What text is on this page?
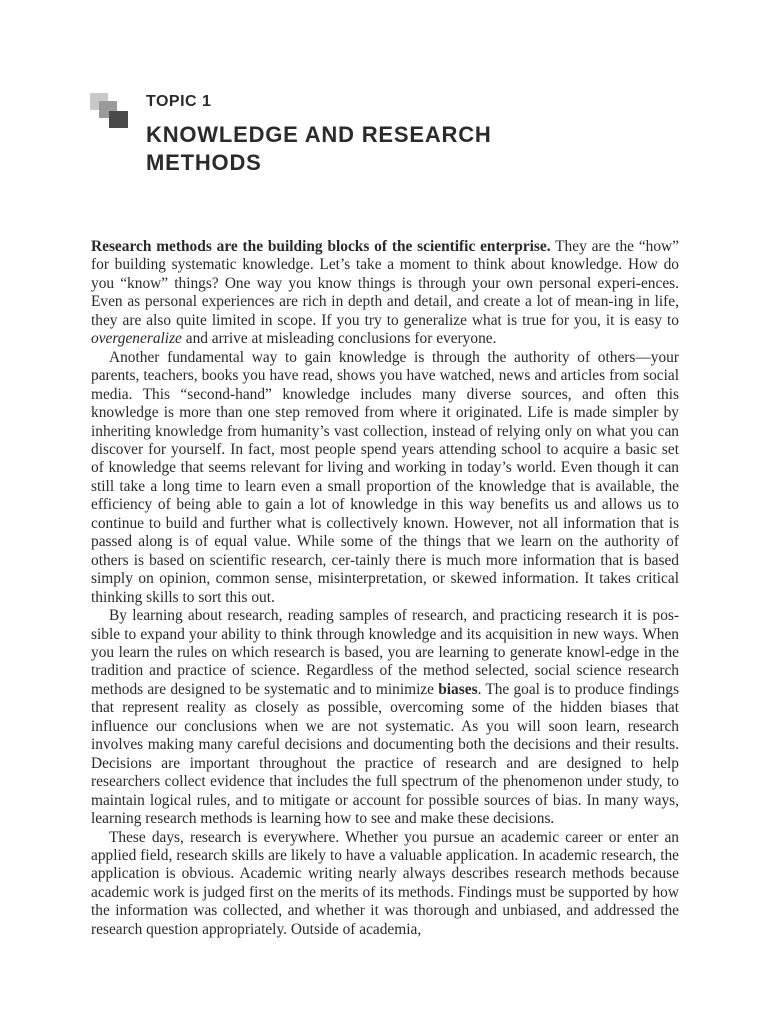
TOPIC 1
KNOWLEDGE AND RESEARCH
METHODS

Research methods are the building blocks of the scientific enterprise. They are the “how” for building systematic knowledge. Let’s take a moment to think about knowledge. How do you “know” things? One way you know things is through your own personal experi-ences. Even as personal experiences are rich in depth and detail, and create a lot of mean-ing in life, they are also quite limited in scope. If you try to generalize what is true for you, it is easy to overgeneralize and arrive at misleading conclusions for everyone.

Another fundamental way to gain knowledge is through the authority of others—your parents, teachers, books you have read, shows you have watched, news and articles from social media. This “second-hand” knowledge includes many diverse sources, and often this knowledge is more than one step removed from where it originated. Life is made simpler by inheriting knowledge from humanity’s vast collection, instead of relying only on what you can discover for yourself. In fact, most people spend years attending school to acquire a basic set of knowledge that seems relevant for living and working in today’s world. Even though it can still take a long time to learn even a small proportion of the knowledge that is available, the efficiency of being able to gain a lot of knowledge in this way benefits us and allows us to continue to build and further what is collectively known. However, not all information that is passed along is of equal value. While some of the things that we learn on the authority of others is based on scientific research, cer-tainly there is much more information that is based simply on opinion, common sense, misinterpretation, or skewed information. It takes critical thinking skills to sort this out.

By learning about research, reading samples of research, and practicing research it is pos-sible to expand your ability to think through knowledge and its acquisition in new ways. When you learn the rules on which research is based, you are learning to generate knowl-edge in the tradition and practice of science. Regardless of the method selected, social science research methods are designed to be systematic and to minimize biases. The goal is to produce findings that represent reality as closely as possible, overcoming some of the hidden biases that influence our conclusions when we are not systematic. As you will soon learn, research involves making many careful decisions and documenting both the decisions and their results. Decisions are important throughout the practice of research and are designed to help researchers collect evidence that includes the full spectrum of the phenomenon under study, to maintain logical rules, and to mitigate or account for possible sources of bias. In many ways, learning research methods is learning how to see and make these decisions.

These days, research is everywhere. Whether you pursue an academic career or enter an applied field, research skills are likely to have a valuable application. In academic research, the application is obvious. Academic writing nearly always describes research methods because academic work is judged first on the merits of its methods. Findings must be supported by how the information was collected, and whether it was thorough and unbiased, and addressed the research question appropriately. Outside of academia,
